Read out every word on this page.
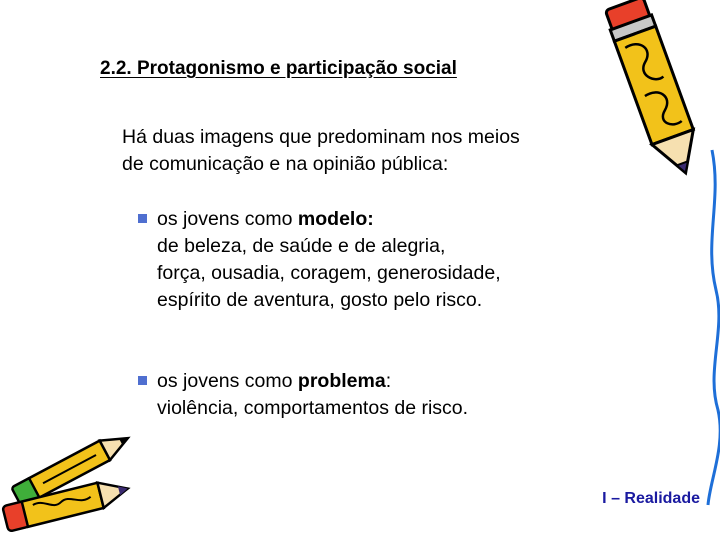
2.2. Protagonismo e participação social
Há duas imagens que predominam nos meios
de comunicação e na opinião pública:
os jovens como modelo:
de beleza, de saúde e de alegria,
força, ousadia, coragem, generosidade,
espírito de aventura, gosto pelo risco.
os jovens como problema:
violência, comportamentos de risco.
I – Realidade
